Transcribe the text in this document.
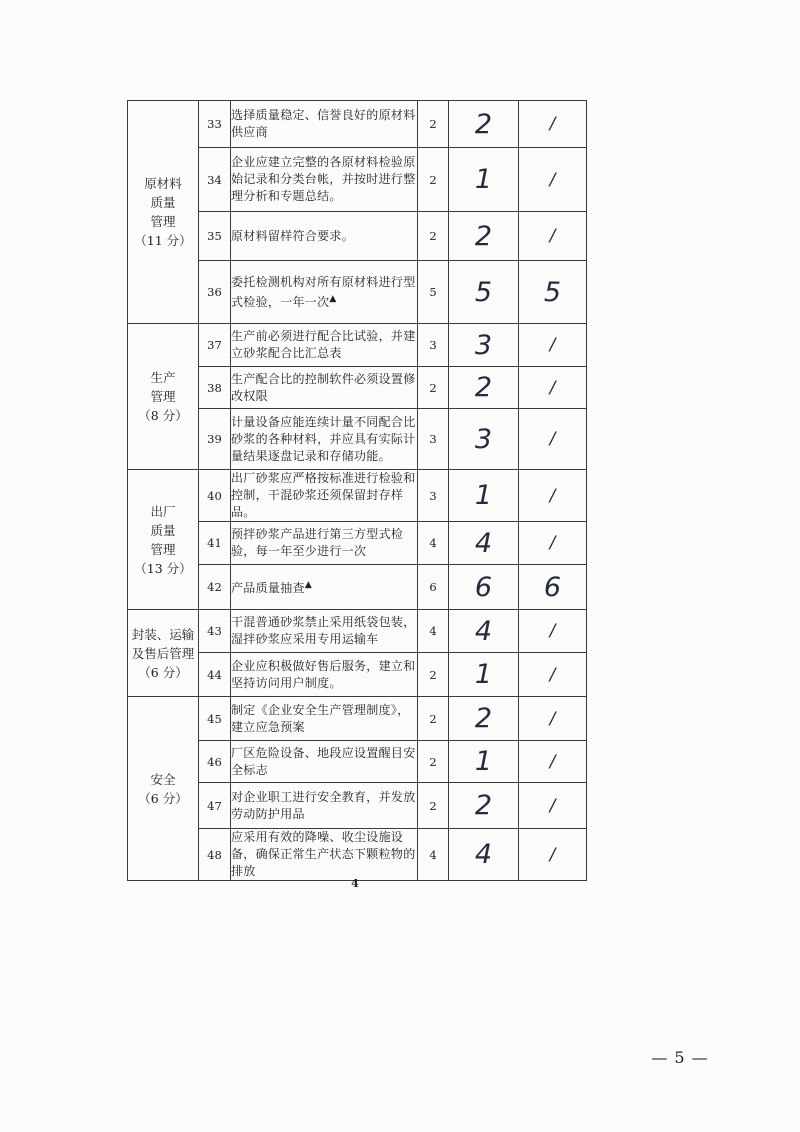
原材料
质量
管理
（11 分）	33	选择质量稳定、信誉良好的原材料供应商	2	2	/
	34	企业应建立完整的各原材料检验原始记录和分类台帐，并按时进行整理分析和专题总结。	2	1	/
	35	原材料留样符合要求。	2	2	/
	36	委托检测机构对所有原材料进行型式检验，一年一次▲	5	5	5

生产
管理
（8 分）	37	生产前必须进行配合比试验，并建立砂浆配合比汇总表	3	3	/
	38	生产配合比的控制软件必须设置修改权限	2	2	/
	39	计量设备应能连续计量不同配合比砂浆的各种材料，并应具有实际计量结果逐盘记录和存储功能。	3	3	/

出厂
质量
管理
（13 分）	40	出厂砂浆应严格按标准进行检验和控制，干混砂浆还须保留封存样品。	3	1	/
	41	预拌砂浆产品进行第三方型式检验，每一年至少进行一次	4	4	/
	42	产品质量抽查▲	6	6	6

封装、运输
及售后管理
（6 分）	43	干混普通砂浆禁止采用纸袋包装，湿拌砂浆应采用专用运输车	4	4	/
	44	企业应积极做好售后服务，建立和坚持访问用户制度。	2	1	/

安全
（6 分）	45	制定《企业安全生产管理制度》，建立应急预案	2	2	/
	46	厂区危险设备、地段应设置醒目安全标志	2	1	/
	47	对企业职工进行安全教育，并发放劳动防护用品	2	2	/
	48	应采用有效的降噪、收尘设施设备，确保正常生产状态下颗粒物的排放	4	4	/
4
— 5 —
